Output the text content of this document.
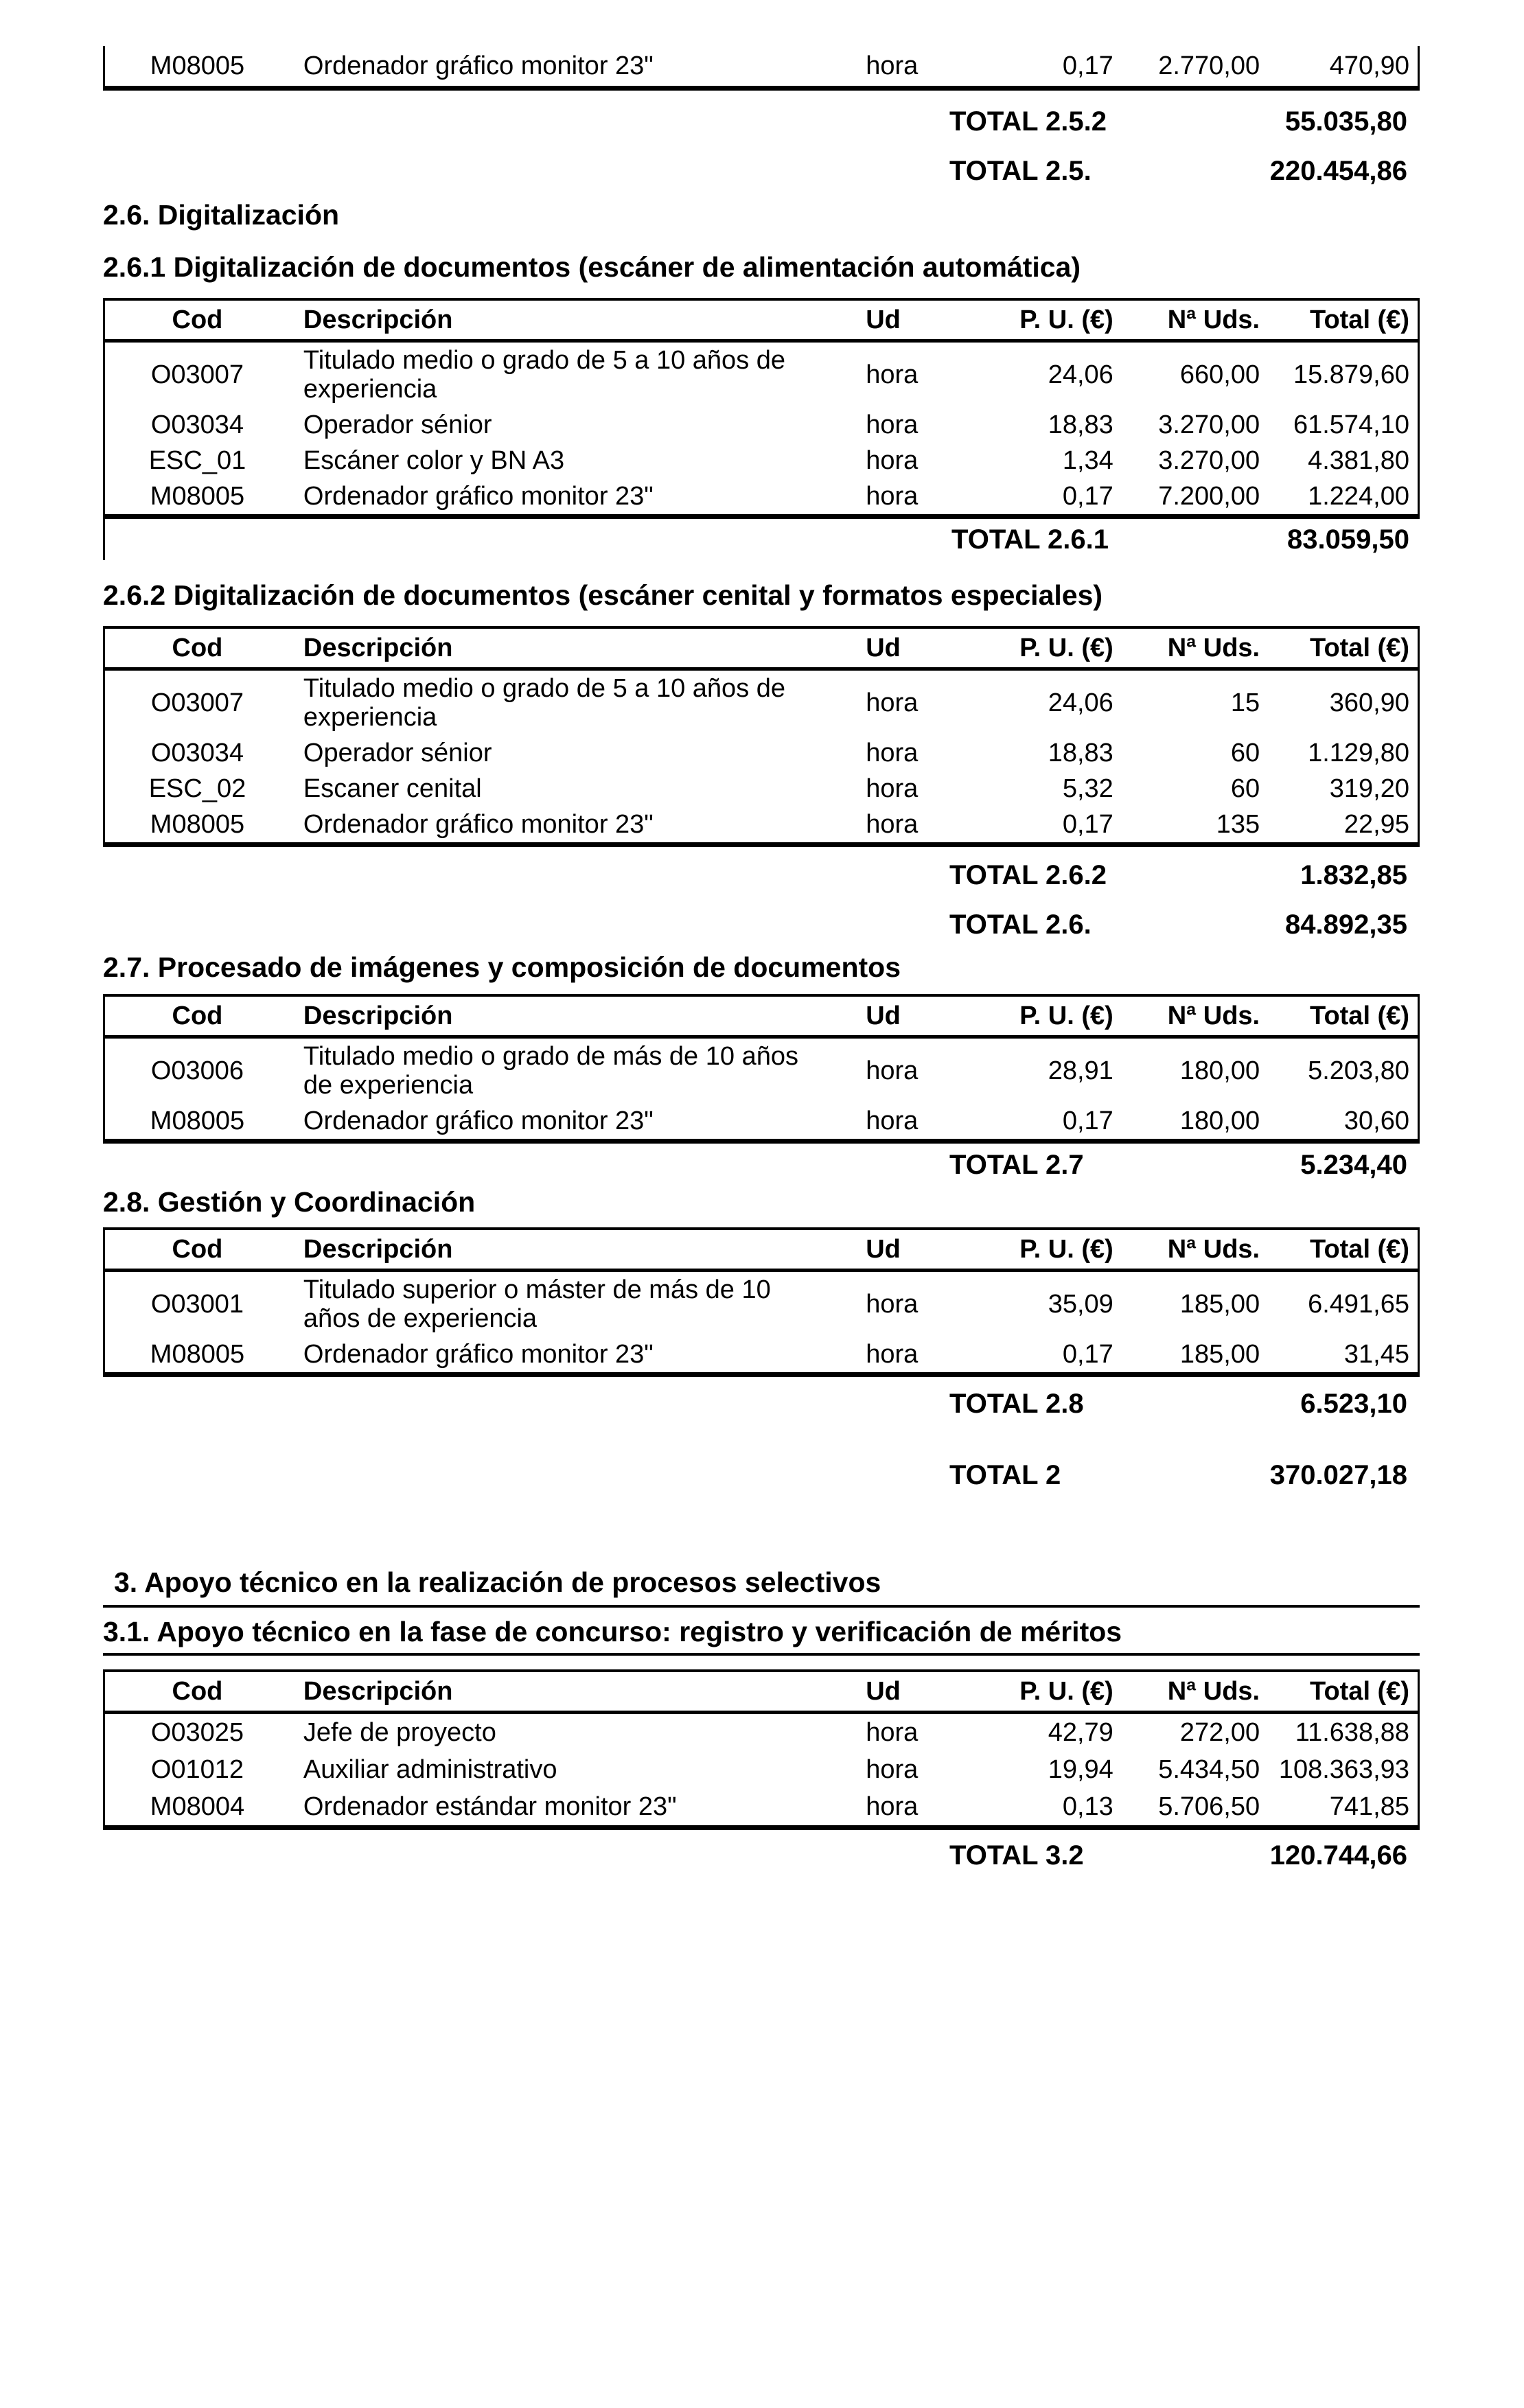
M08005	Ordenador gráfico monitor 23"	hora	0,17	2.770,00	470,90
TOTAL 2.5.2	55.035,80
TOTAL 2.5.	220.454,86
2.6. Digitalización
2.6.1 Digitalización de documentos (escáner de alimentación automática)
Cod	Descripción	Ud	P. U. (€)	Nª Uds.	Total (€)
O03007	Titulado medio o grado de 5 a 10 años de experiencia	hora	24,06	660,00	15.879,60
O03034	Operador sénior	hora	18,83	3.270,00	61.574,10
ESC_01	Escáner color y BN A3	hora	1,34	3.270,00	4.381,80
M08005	Ordenador gráfico monitor 23"	hora	0,17	7.200,00	1.224,00
TOTAL 2.6.1	83.059,50
2.6.2 Digitalización de documentos (escáner cenital y formatos especiales)
Cod	Descripción	Ud	P. U. (€)	Nª Uds.	Total (€)
O03007	Titulado medio o grado de 5 a 10 años de experiencia	hora	24,06	15	360,90
O03034	Operador sénior	hora	18,83	60	1.129,80
ESC_02	Escaner cenital	hora	5,32	60	319,20
M08005	Ordenador gráfico monitor 23"	hora	0,17	135	22,95
TOTAL 2.6.2	1.832,85
TOTAL 2.6.	84.892,35
2.7. Procesado de imágenes y composición de documentos
Cod	Descripción	Ud	P. U. (€)	Nª Uds.	Total (€)
O03006	Titulado medio o grado de más de 10 años de experiencia	hora	28,91	180,00	5.203,80
M08005	Ordenador gráfico monitor 23"	hora	0,17	180,00	30,60
TOTAL 2.7	5.234,40
2.8. Gestión y Coordinación
Cod	Descripción	Ud	P. U. (€)	Nª Uds.	Total (€)
O03001	Titulado superior o máster de más de 10 años de experiencia	hora	35,09	185,00	6.491,65
M08005	Ordenador gráfico monitor 23"	hora	0,17	185,00	31,45
TOTAL 2.8	6.523,10
TOTAL 2	370.027,18
3. Apoyo técnico en la realización de procesos selectivos
3.1. Apoyo técnico en la fase de concurso: registro y verificación de méritos
Cod	Descripción	Ud	P. U. (€)	Nª Uds.	Total (€)
O03025	Jefe de proyecto	hora	42,79	272,00	11.638,88
O01012	Auxiliar administrativo	hora	19,94	5.434,50	108.363,93
M08004	Ordenador estándar monitor 23"	hora	0,13	5.706,50	741,85
TOTAL 3.2	120.744,66
